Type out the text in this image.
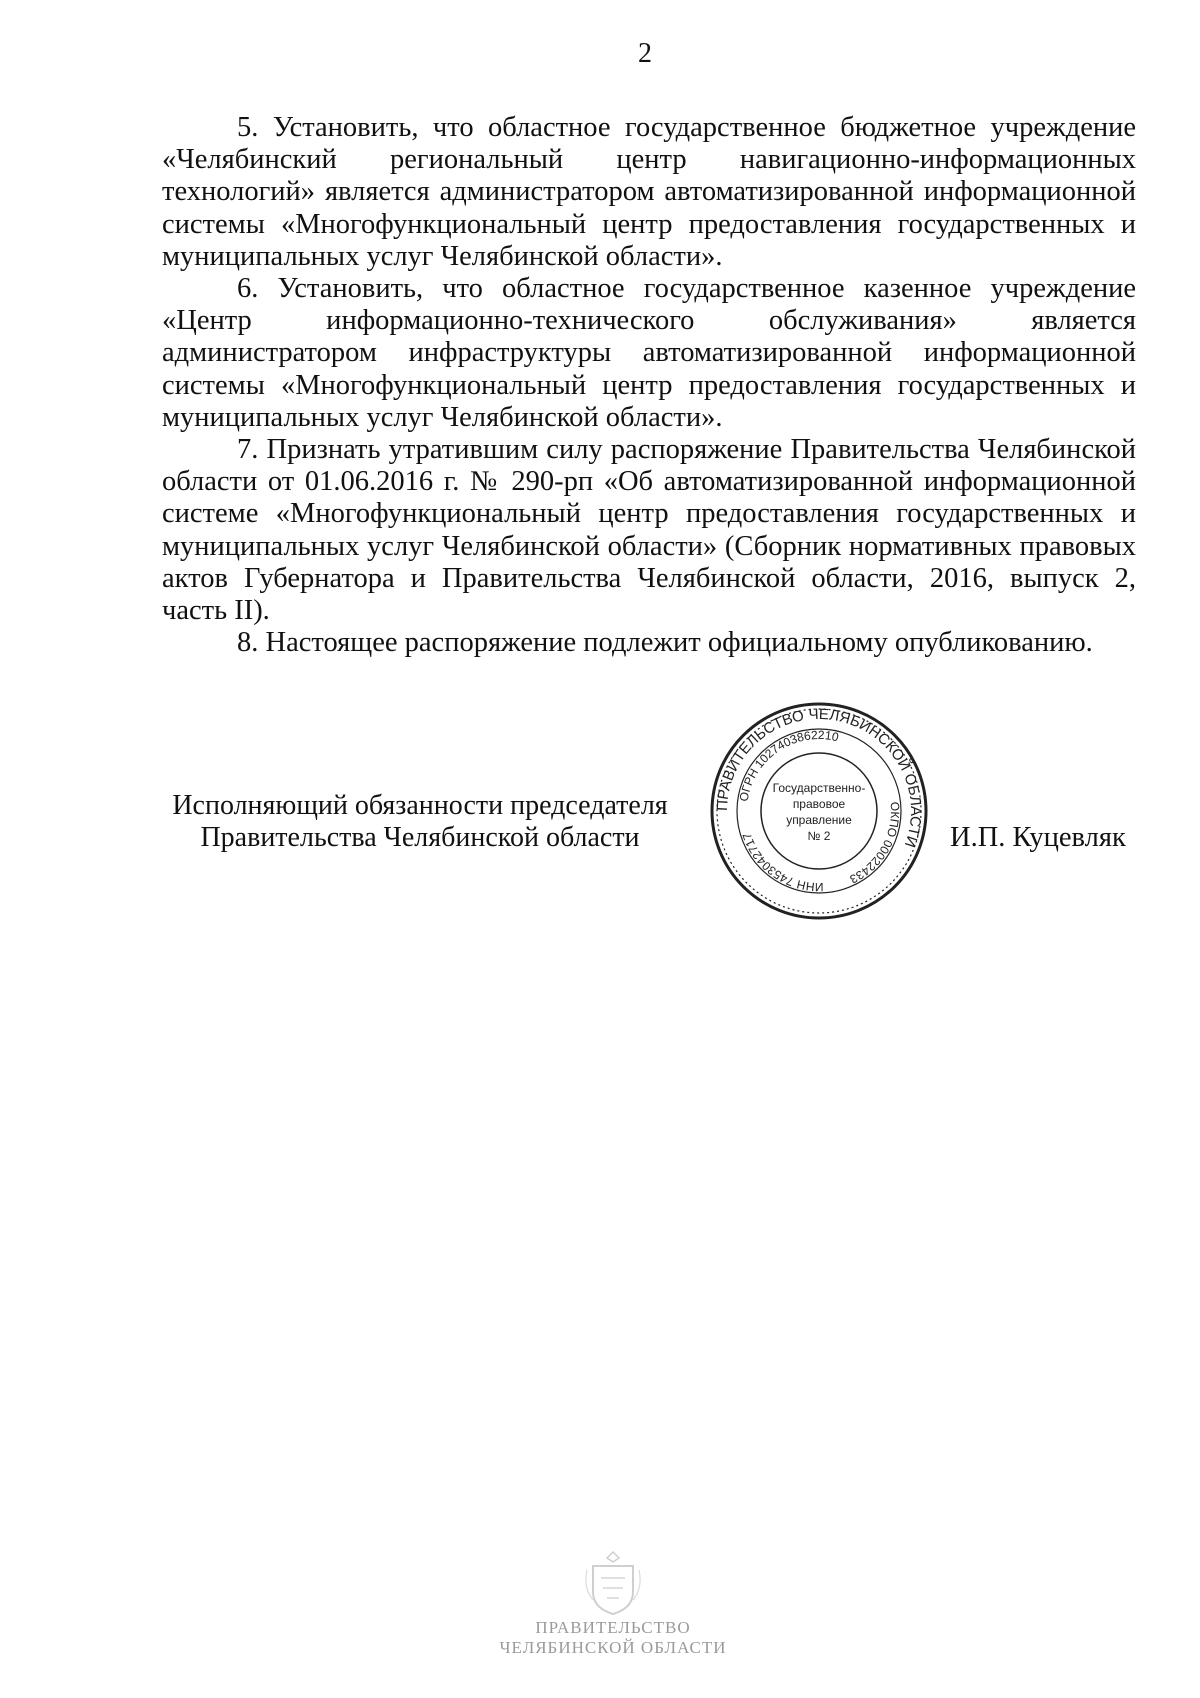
2

5. Установить, что областное государственное бюджетное учреждение «Челябинский региональный центр навигационно-информационных технологий» является администратором автоматизированной информационной системы «Многофункциональный центр предоставления государственных и муниципальных услуг Челябинской области».

6. Установить, что областное государственное казенное учреждение «Центр информационно-технического обслуживания» является администратором инфраструктуры автоматизированной информационной системы «Многофункциональный центр предоставления государственных и муниципальных услуг Челябинской области».

7. Признать утратившим силу распоряжение Правительства Челябинской области от 01.06.2016 г. № 290-рп «Об автоматизированной информационной системе «Многофункциональный центр предоставления государственных и муниципальных услуг Челябинской области» (Сборник нормативных правовых актов Губернатора и Правительства Челябинской области, 2016, выпуск 2, часть II).

8. Настоящее распоряжение подлежит официальному опубликованию.

Исполняющий обязанности председателя
Правительства Челябинской области	И.П. Куцевляк
ПРАВИТЕЛЬСТВО ЧЕЛЯБИНСКОЙ ОБЛАСТИ
ОГРН 1027403862210
ОКПО 00022433
ИНН 7453042717
Государственно-
правовое
управление
№ 2
ПРАВИТЕЛЬСТВО
ЧЕЛЯБИНСКОЙ ОБЛАСТИ
